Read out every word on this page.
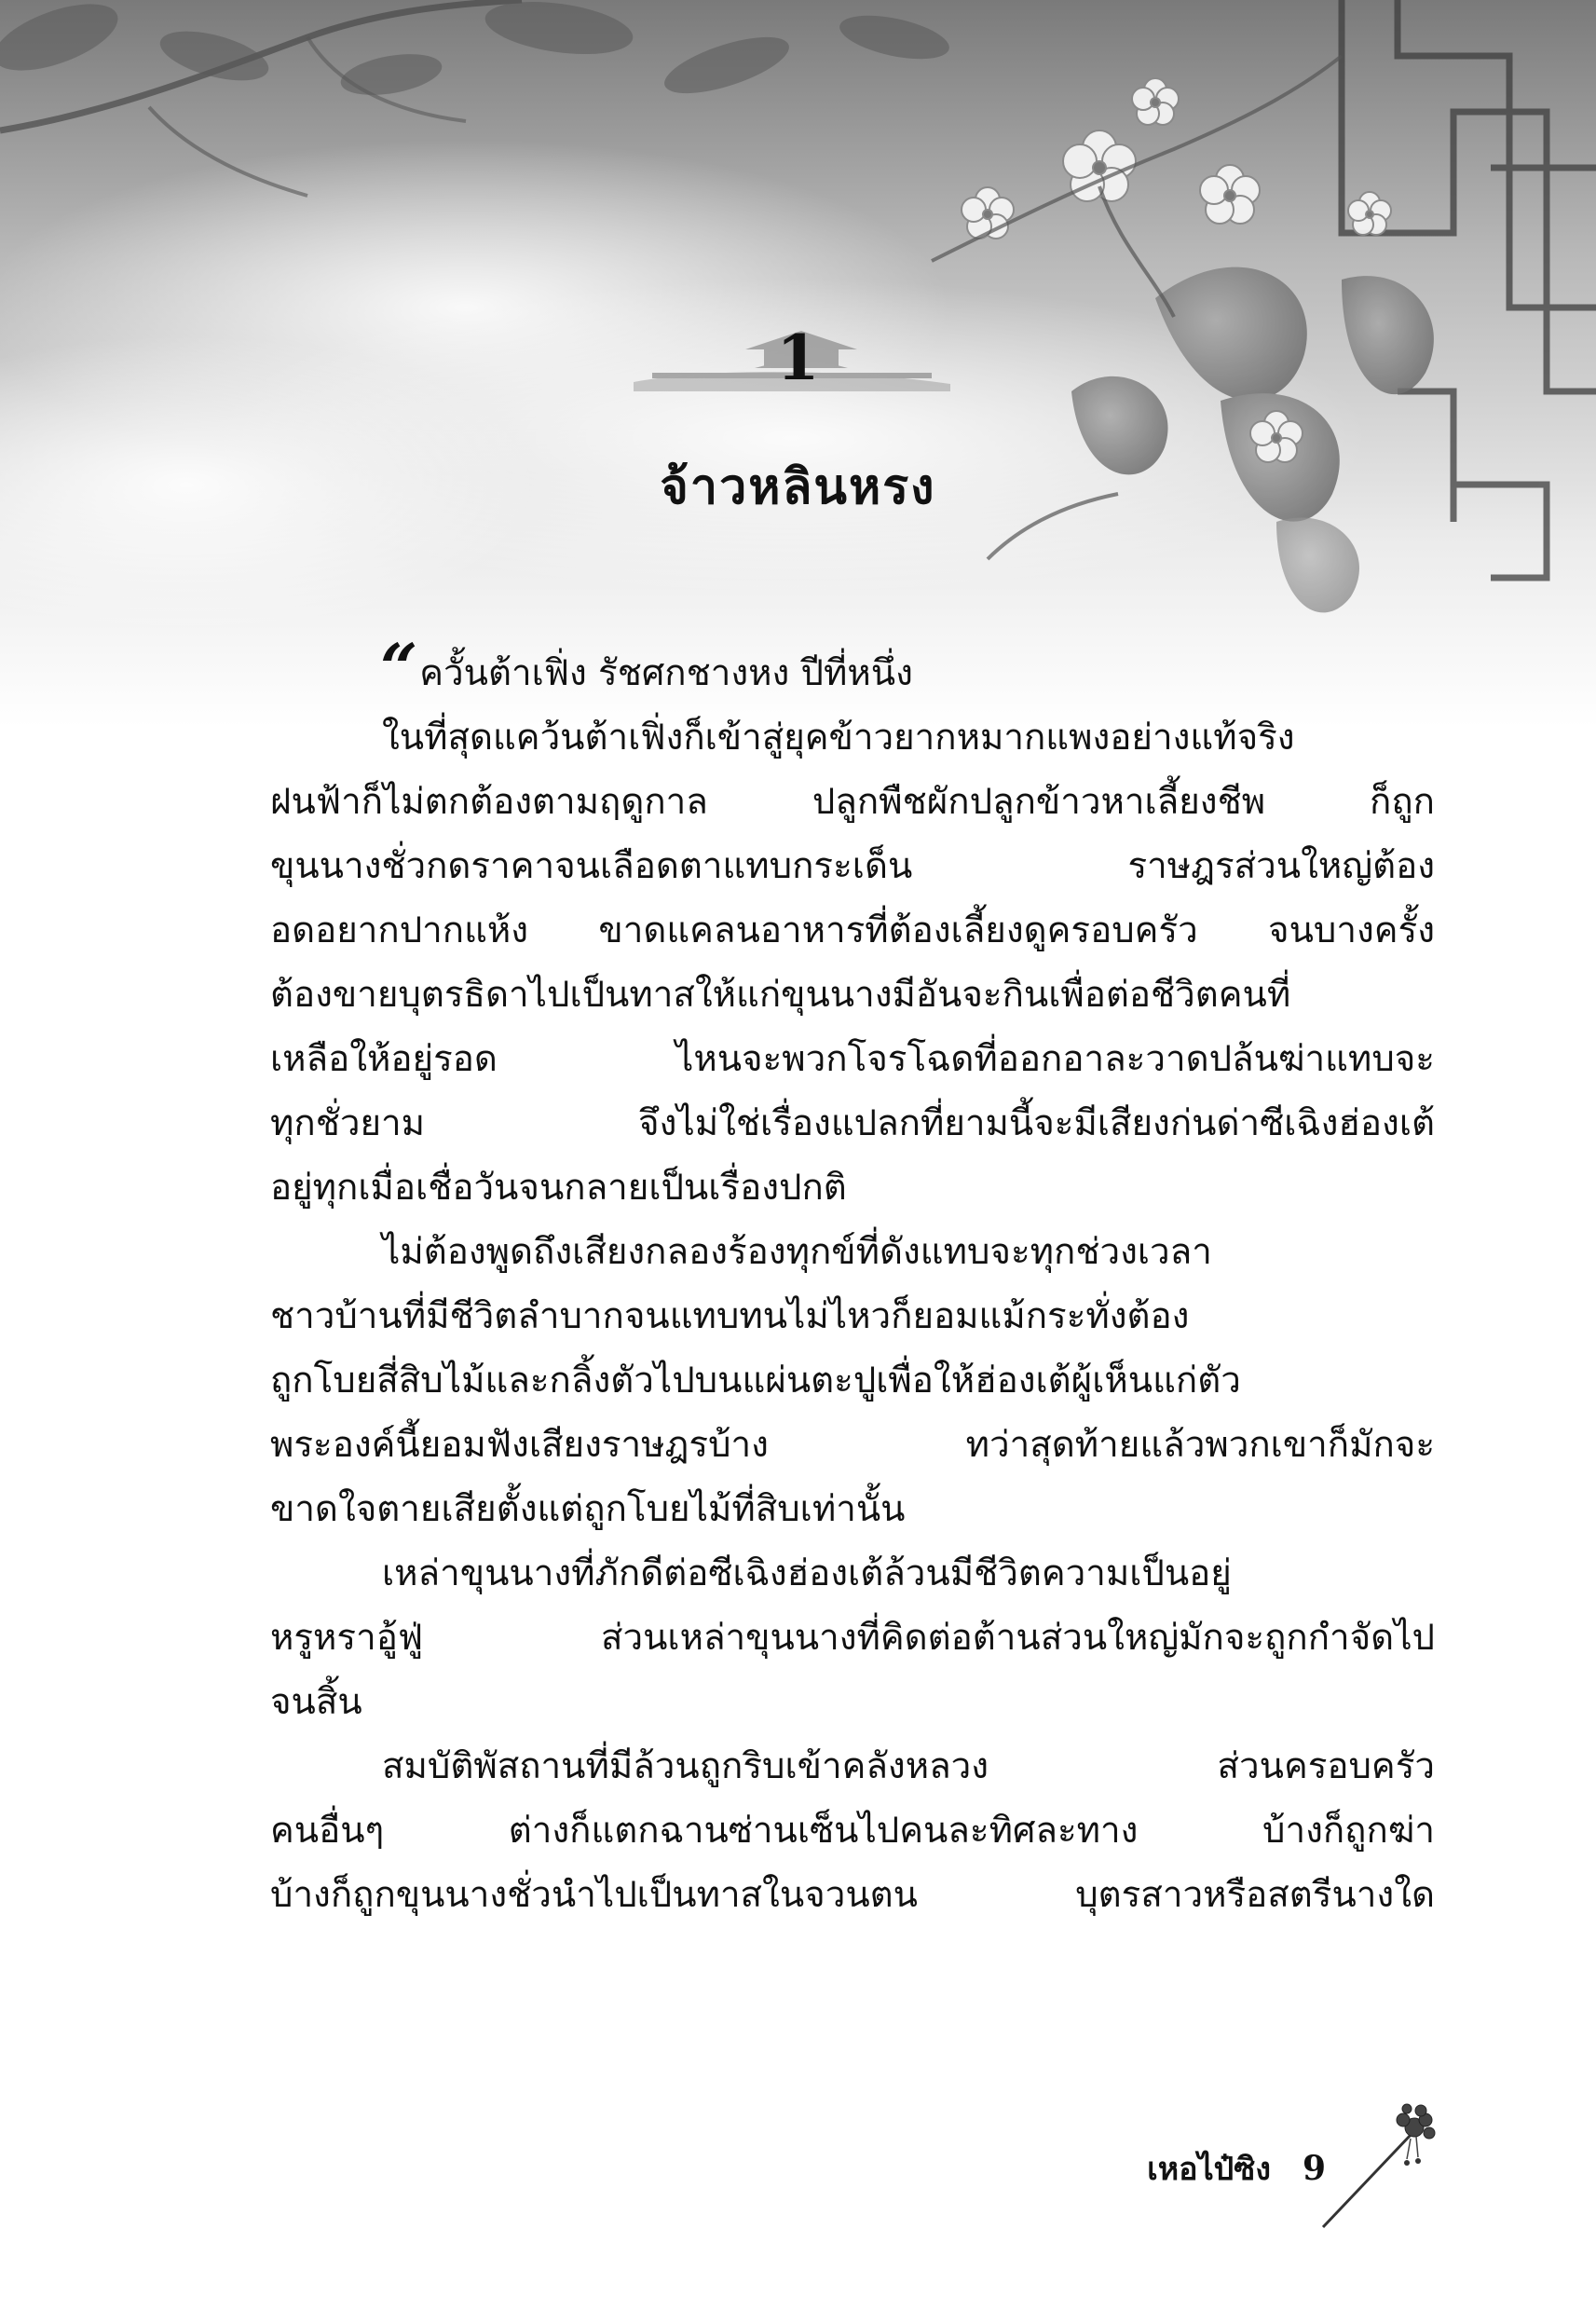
1
จ้าวหลินหรง
“ ควั้นต้าเฟิ่ง รัชศกชางหง ปีที่หนึ่ง
ในที่สุดแคว้นต้าเฟิ่งก็เข้าสู่ยุคข้าวยากหมากแพงอย่างแท้จริง
ฝนฟ้าก็ไม่ตกต้องตามฤดูกาล ปลูกพืชผักปลูกข้าวหาเลี้ยงชีพ ก็ถูก
ขุนนางชั่วกดราคาจนเลือดตาแทบกระเด็น ราษฎรส่วนใหญ่ต้อง
อดอยากปากแห้ง ขาดแคลนอาหารที่ต้องเลี้ยงดูครอบครัว จนบางครั้ง
ต้องขายบุตรธิดาไปเป็นทาสให้แก่ขุนนางมีอันจะกินเพื่อต่อชีวิตคนที่
เหลือให้อยู่รอด ไหนจะพวกโจรโฉดที่ออกอาละวาดปล้นฆ่าแทบจะ
ทุกชั่วยาม จึงไม่ใช่เรื่องแปลกที่ยามนี้จะมีเสียงก่นด่าซีเฉิงฮ่องเต้
อยู่ทุกเมื่อเชื่อวันจนกลายเป็นเรื่องปกติ
ไม่ต้องพูดถึงเสียงกลองร้องทุกข์ที่ดังแทบจะทุกช่วงเวลา
ชาวบ้านที่มีชีวิตลำบากจนแทบทนไม่ไหวก็ยอมแม้กระทั่งต้อง
ถูกโบยสี่สิบไม้และกลิ้งตัวไปบนแผ่นตะปูเพื่อให้ฮ่องเต้ผู้เห็นแก่ตัว
พระองค์นี้ยอมฟังเสียงราษฎรบ้าง ทว่าสุดท้ายแล้วพวกเขาก็มักจะ
ขาดใจตายเสียตั้งแต่ถูกโบยไม้ที่สิบเท่านั้น
เหล่าขุนนางที่ภักดีต่อซีเฉิงฮ่องเต้ล้วนมีชีวิตความเป็นอยู่
หรูหราอู้ฟู่ ส่วนเหล่าขุนนางที่คิดต่อต้านส่วนใหญ่มักจะถูกกำจัดไป
จนสิ้น
สมบัติพัสถานที่มีล้วนถูกริบเข้าคลังหลวง ส่วนครอบครัว
คนอื่นๆ ต่างก็แตกฉานซ่านเซ็นไปคนละทิศละทาง บ้างก็ถูกฆ่า
บ้างก็ถูกขุนนางชั่วนำไปเป็นทาสในจวนตน บุตรสาวหรือสตรีนางใด
เหอไป๋ซิง 9
